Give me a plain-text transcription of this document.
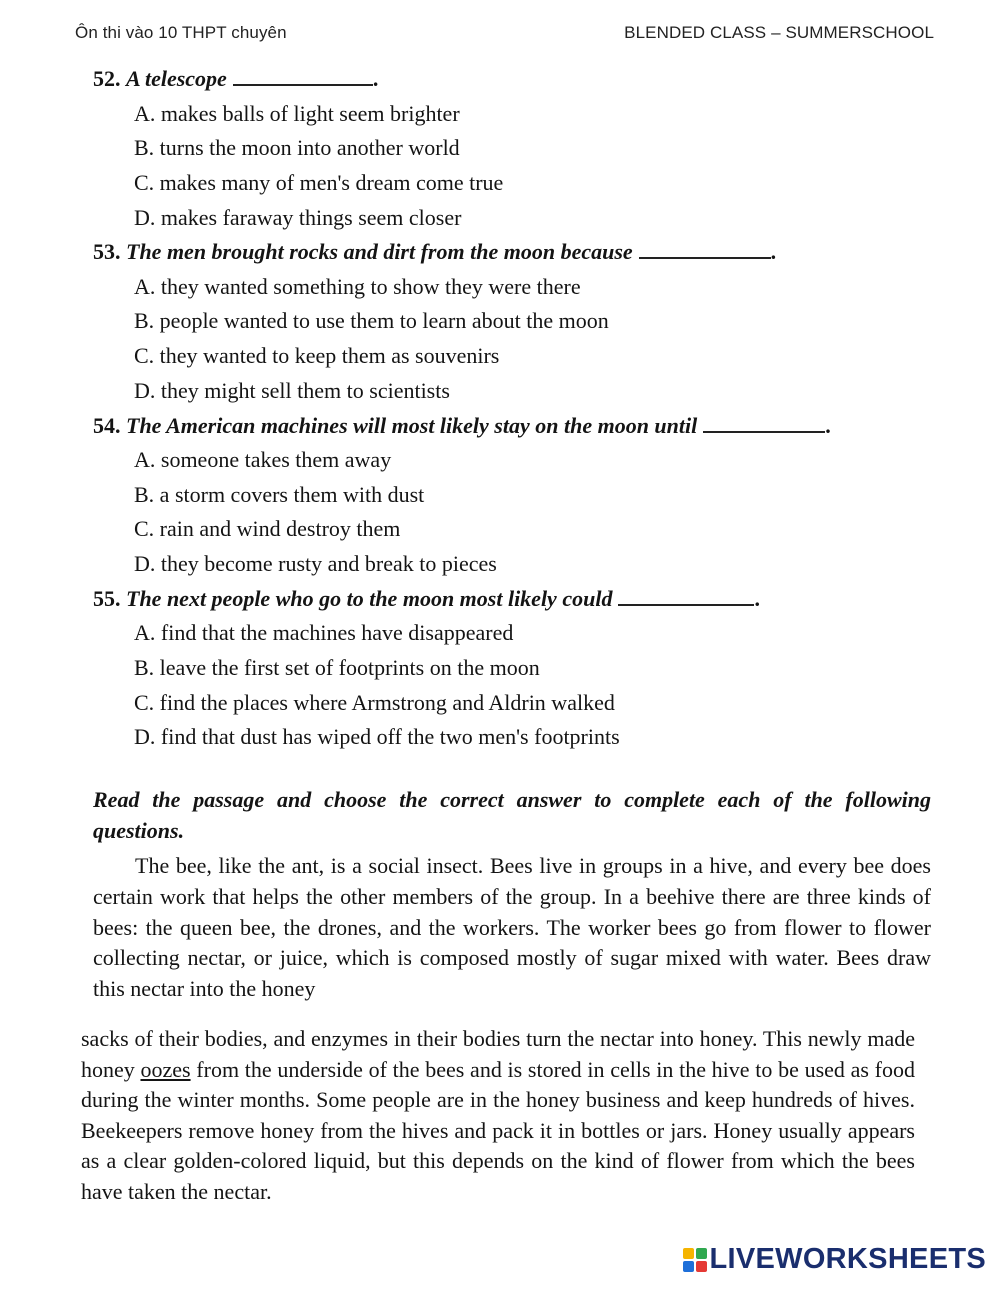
Ôn thi vào 10 THPT chuyên	BLENDED CLASS – SUMMERSCHOOL
52. A telescope	.
A. makes balls of light seem brighter
B. turns the moon into another world
C. makes many of men's dream come true
D. makes faraway things seem closer
53. The men brought rocks and dirt from the moon because	.
A. they wanted something to show they were there
B. people wanted to use them to learn about the moon
C. they wanted to keep them as souvenirs
D. they might sell them to scientists
54. The American machines will most likely stay on the moon until	.
A. someone takes them away
B. a storm covers them with dust
C. rain and wind destroy them
D. they become rusty and break to pieces
55. The next people who go to the moon most likely could	.
A. find that the machines have disappeared
B. leave the first set of footprints on the moon
C. find the places where Armstrong and Aldrin walked
D. find that dust has wiped off the two men's footprints
Read the passage and choose the correct answer to complete each of the following questions.
The bee, like the ant, is a social insect. Bees live in groups in a hive, and every bee does certain work that helps the other members of the group. In a beehive there are three kinds of bees: the queen bee, the drones, and the workers. The worker bees go from flower to flower collecting nectar, or juice, which is composed mostly of sugar mixed with water. Bees draw this nectar into the honey
sacks of their bodies, and enzymes in their bodies turn the nectar into honey. This newly made honey oozes from the underside of the bees and is stored in cells in the hive to be used as food during the winter months. Some people are in the honey business and keep hundreds of hives. Beekeepers remove honey from the hives and pack it in bottles or jars. Honey usually appears as a clear golden-colored liquid, but this depends on the kind of flower from which the bees have taken the nectar.
LIVEWORKSHEETS
